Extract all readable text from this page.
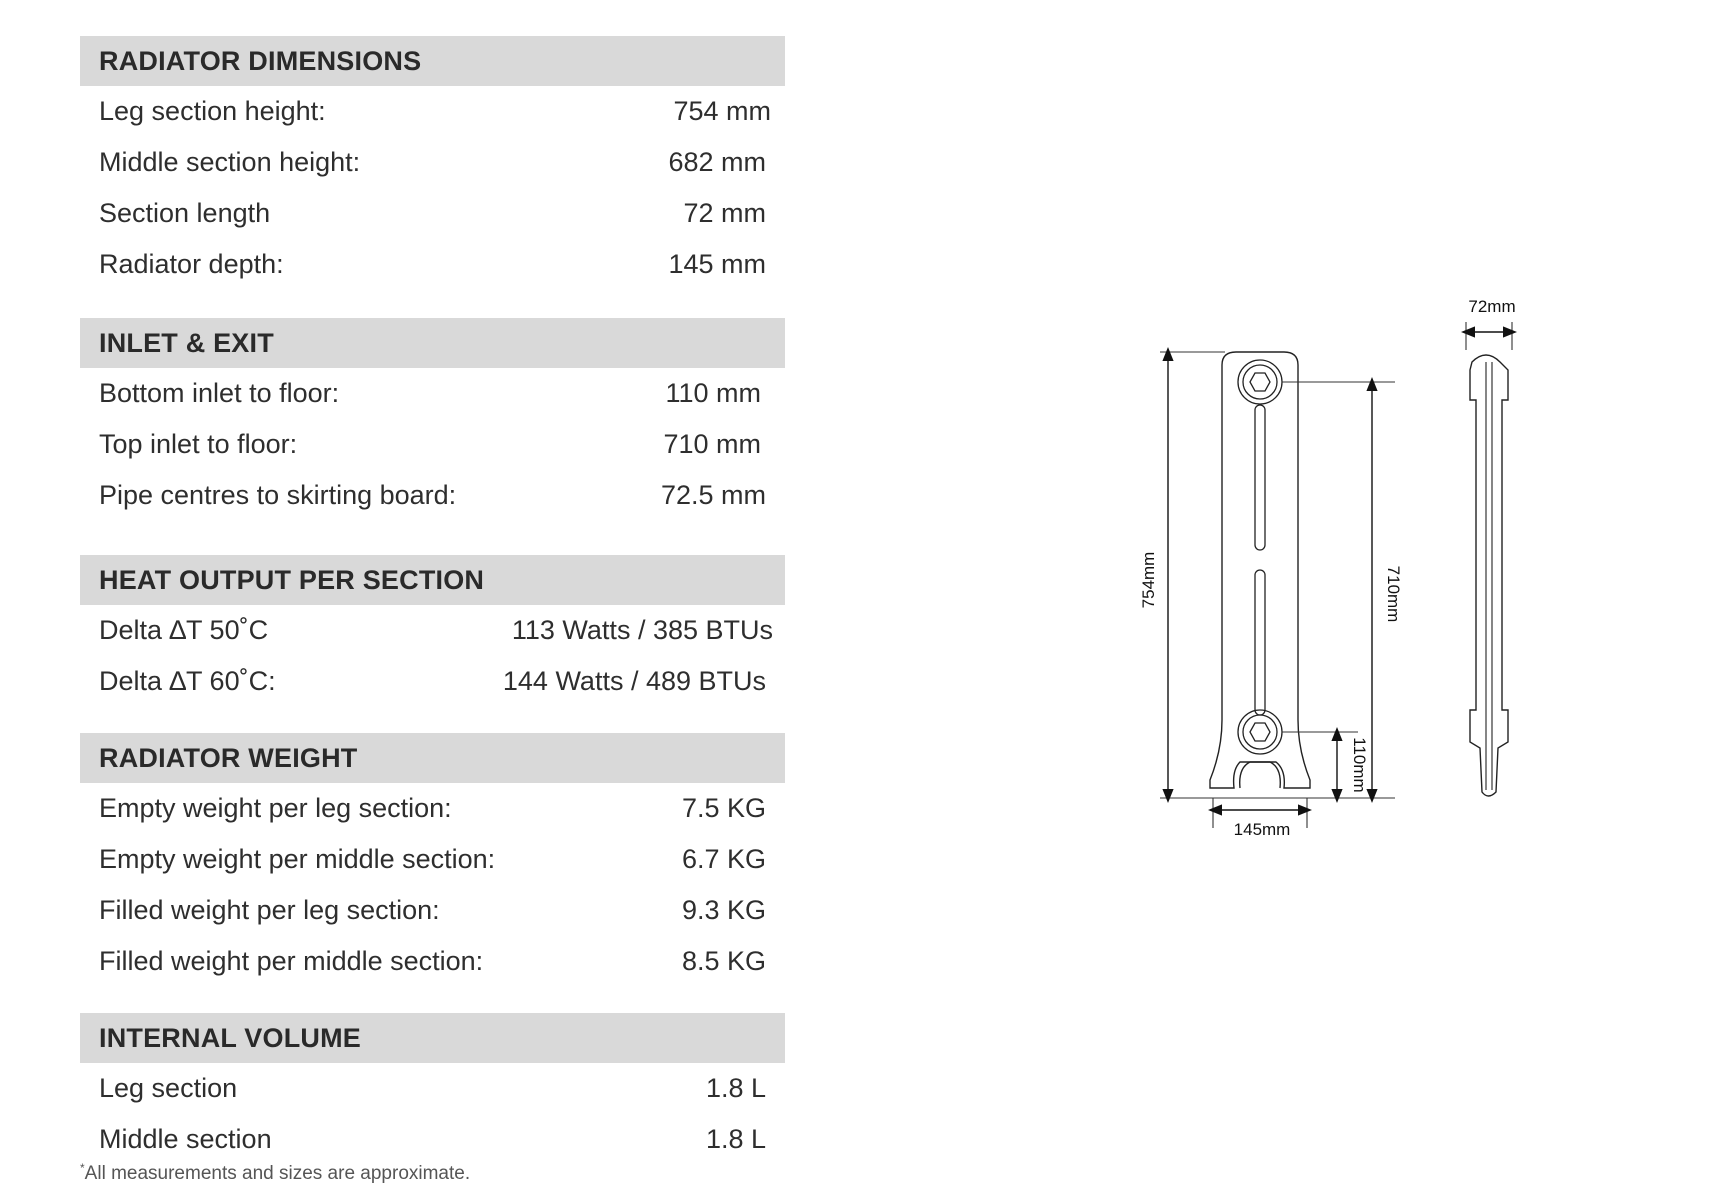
RADIATOR DIMENSIONS
Leg section height:	754 mm
Middle section height:	682 mm
Section length	72 mm
Radiator depth:	145 mm
INLET & EXIT
Bottom inlet to floor:	110 mm
Top inlet to floor:	710 mm
Pipe centres to skirting board:	72.5 mm
HEAT OUTPUT PER SECTION
Delta ∆T 50˚C	113 Watts / 385 BTUs
Delta ∆T 60˚C:	144 Watts / 489 BTUs
RADIATOR WEIGHT
Empty weight per leg section:	7.5 KG
Empty weight per middle section:	6.7 KG
Filled weight per leg section:	9.3 KG
Filled weight per middle section:	8.5 KG
INTERNAL VOLUME
Leg section	1.8 L
Middle section	1.8 L
*All measurements and sizes are approximate.
754mm	710mm
110mm
145mm
72mm
